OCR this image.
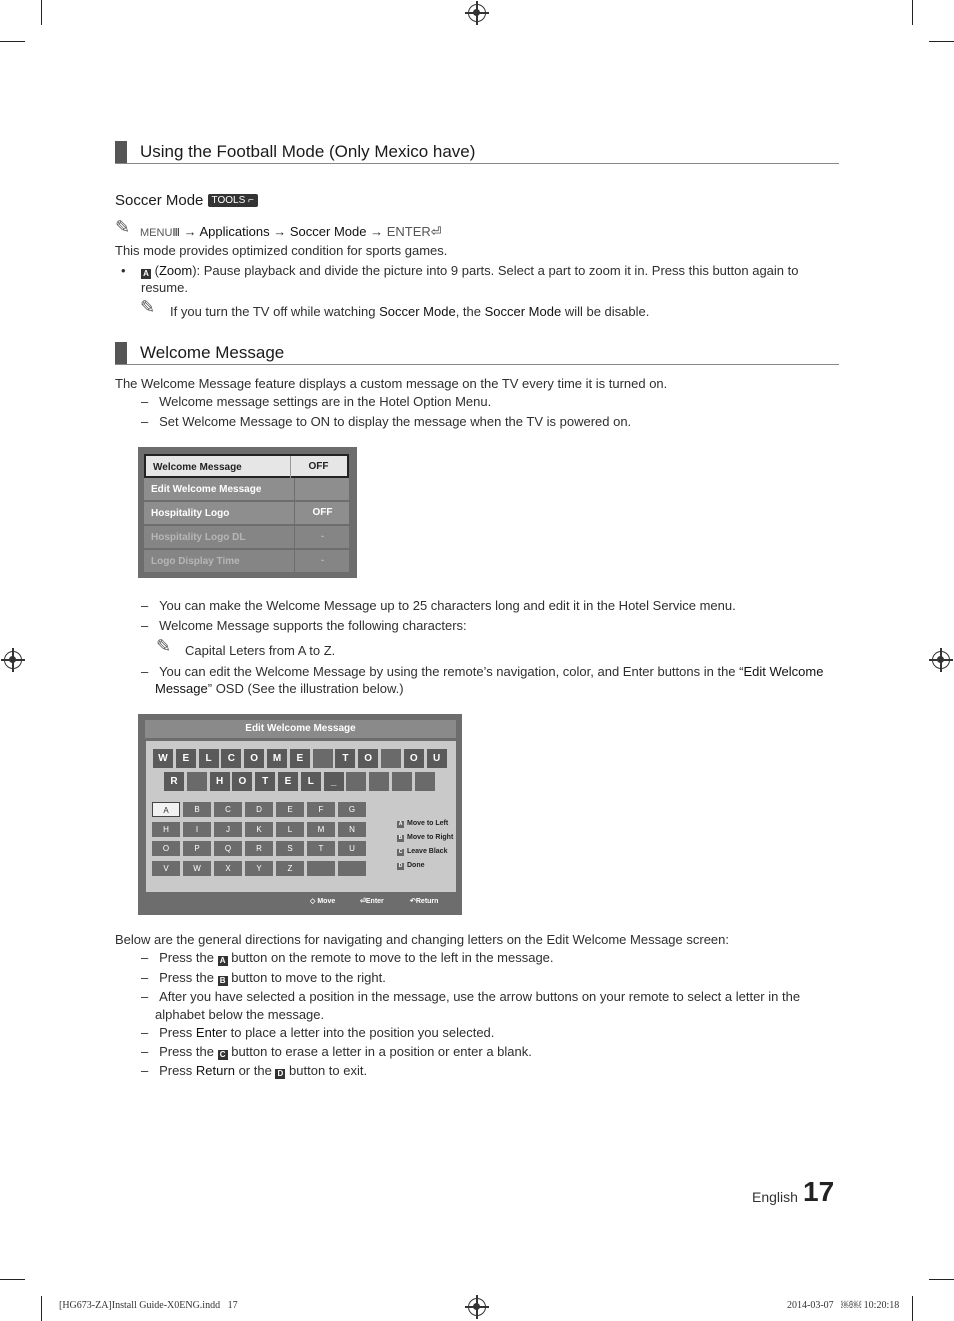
Using the Football Mode (Only Mexico have)
Soccer Mode TOOLS ⌐
✎ MENUⅢ → Applications → Soccer Mode → ENTER⏎
This mode provides optimized condition for sports games.
• A (Zoom): Pause playback and divide the picture into 9 parts. Select a part to zoom it in. Press this button again to
resume.
✎ If you turn the TV off while watching Soccer Mode, the Soccer Mode will be disable.
Welcome Message
The Welcome Message feature displays a custom message on the TV every time it is turned on.
–   Welcome message settings are in the Hotel Option Menu.
–   Set Welcome Message to ON to display the message when the TV is powered on.
Welcome Message	OFF
Edit Welcome Message
Hospitality Logo	OFF
Hospitality Logo DL	-
Logo Display Time	-
–   You can make the Welcome Message up to 25 characters long and edit it in the Hotel Service menu.
–   Welcome Message supports the following characters:
✎ Capital Leters from A to Z.
–   You can edit the Welcome Message by using the remote’s navigation, color, and Enter buttons in the “Edit Welcome
Message” OSD (See the illustration below.)
Edit Welcome Message
W	E	L	C	O	M	E	T	O	O	U
R	H	O	T	E	L	_
A	B	C	D	E	F	G
H	I	J	K	L	M	N
O	P	Q	R	S	T	U
V	W	X	Y	Z
A Move to Left
B Move to Right
C Leave Black
D Done
◇ Move	⏎Enter	↶Return
Below are the general directions for navigating and changing letters on the Edit Welcome Message screen:
–   Press the A button on the remote to move to the left in the message.
–   Press the B button to move to the right.
–   After you have selected a position in the message, use the arrow buttons on your remote to select a letter in the
alphabet below the message.
–   Press Enter to place a letter into the position you selected.
–   Press the C button to erase a letter in a position or enter a blank.
–   Press Return or the D button to exit.
English 17
[HG673-ZA]Install Guide-X0ENG.indd   17	2014-03-07   ￼￼ 10:20:18
